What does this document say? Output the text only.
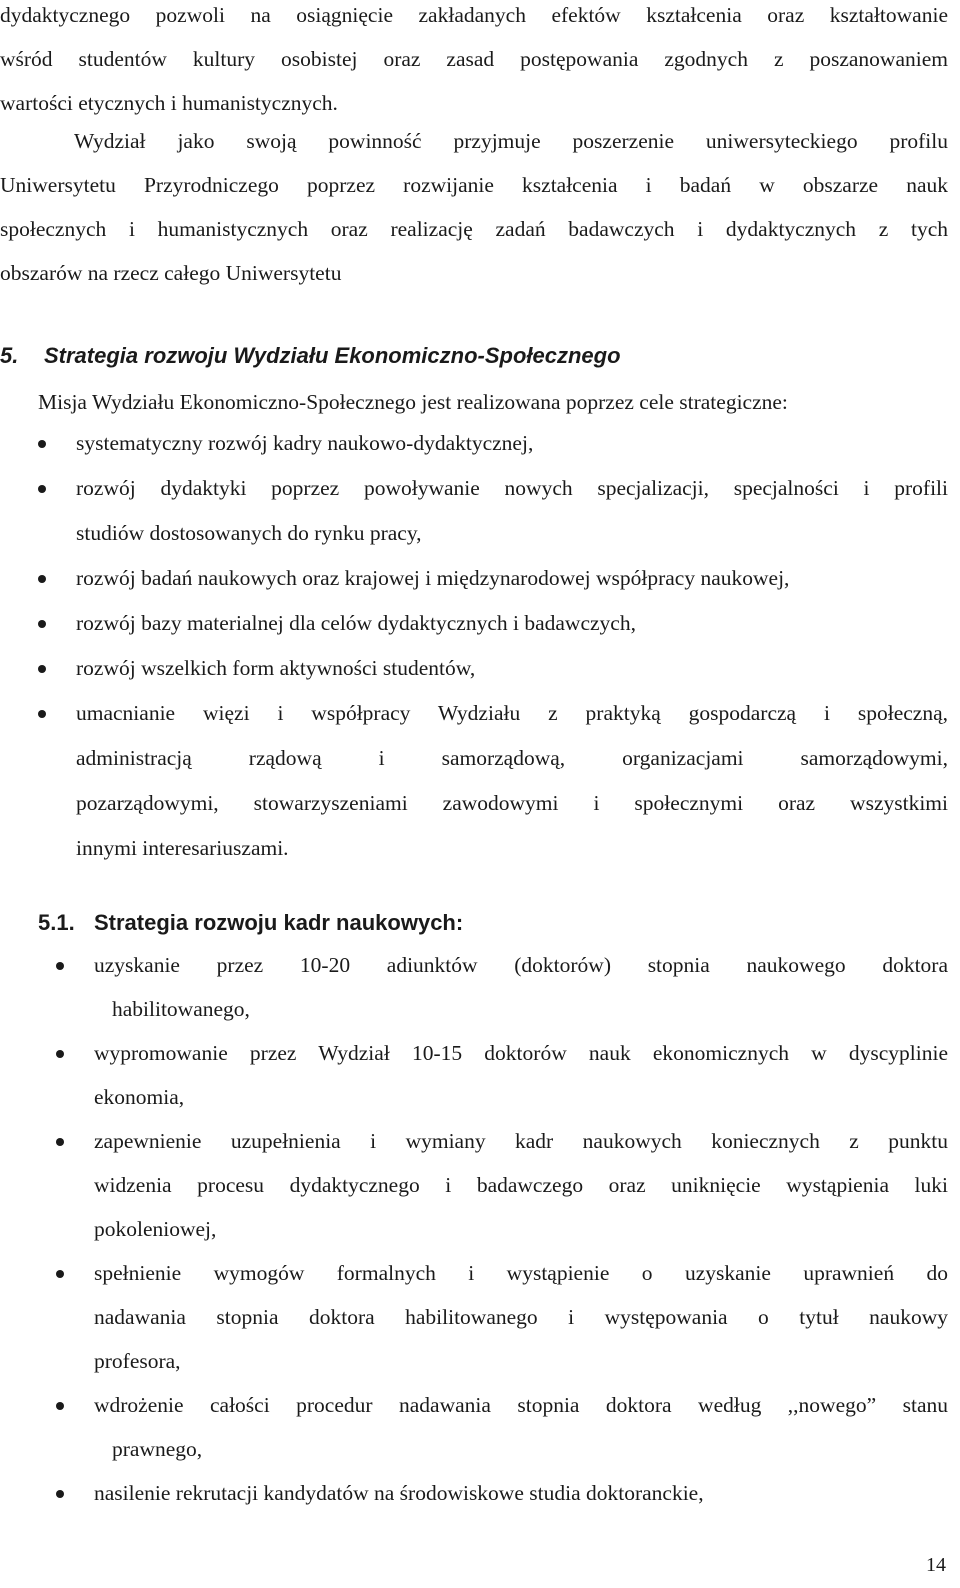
dydaktycznego pozwoli na osiągnięcie zakładanych efektów kształcenia oraz kształtowanie
wśród studentów kultury osobistej oraz zasad postępowania zgodnych z poszanowaniem
wartości etycznych i humanistycznych.
Wydział jako swoją powinność przyjmuje poszerzenie uniwersyteckiego profilu
Uniwersytetu Przyrodniczego poprzez rozwijanie kształcenia i badań w obszarze nauk
społecznych i humanistycznych oraz realizację zadań badawczych i dydaktycznych z tych
obszarów na rzecz całego Uniwersytetu
5. Strategia rozwoju Wydziału Ekonomiczno-Społecznego
Misja Wydziału Ekonomiczno-Społecznego jest realizowana poprzez cele strategiczne:
systematyczny rozwój kadry naukowo-dydaktycznej,
rozwój dydaktyki poprzez powoływanie nowych specjalizacji, specjalności i profili
studiów dostosowanych do rynku pracy,
rozwój badań naukowych oraz krajowej i międzynarodowej współpracy naukowej,
rozwój bazy materialnej dla celów dydaktycznych i badawczych,
rozwój wszelkich form aktywności studentów,
umacnianie więzi i współpracy Wydziału z praktyką gospodarczą i społeczną,
administracją rządową i samorządową, organizacjami samorządowymi,
pozarządowymi, stowarzyszeniami zawodowymi i społecznymi oraz wszystkimi
innymi interesariuszami.
5.1. Strategia rozwoju kadr naukowych:
uzyskanie przez 10-20 adiunktów (doktorów) stopnia naukowego doktora
habilitowanego,
wypromowanie przez Wydział 10-15 doktorów nauk ekonomicznych w dyscyplinie
ekonomia,
zapewnienie uzupełnienia i wymiany kadr naukowych koniecznych z punktu
widzenia procesu dydaktycznego i badawczego oraz uniknięcie wystąpienia luki
pokoleniowej,
spełnienie wymogów formalnych i wystąpienie o uzyskanie uprawnień do
nadawania stopnia doktora habilitowanego i występowania o tytuł naukowy
profesora,
wdrożenie całości procedur nadawania stopnia doktora według ,,nowego” stanu
prawnego,
nasilenie rekrutacji kandydatów na środowiskowe studia doktoranckie,
14
